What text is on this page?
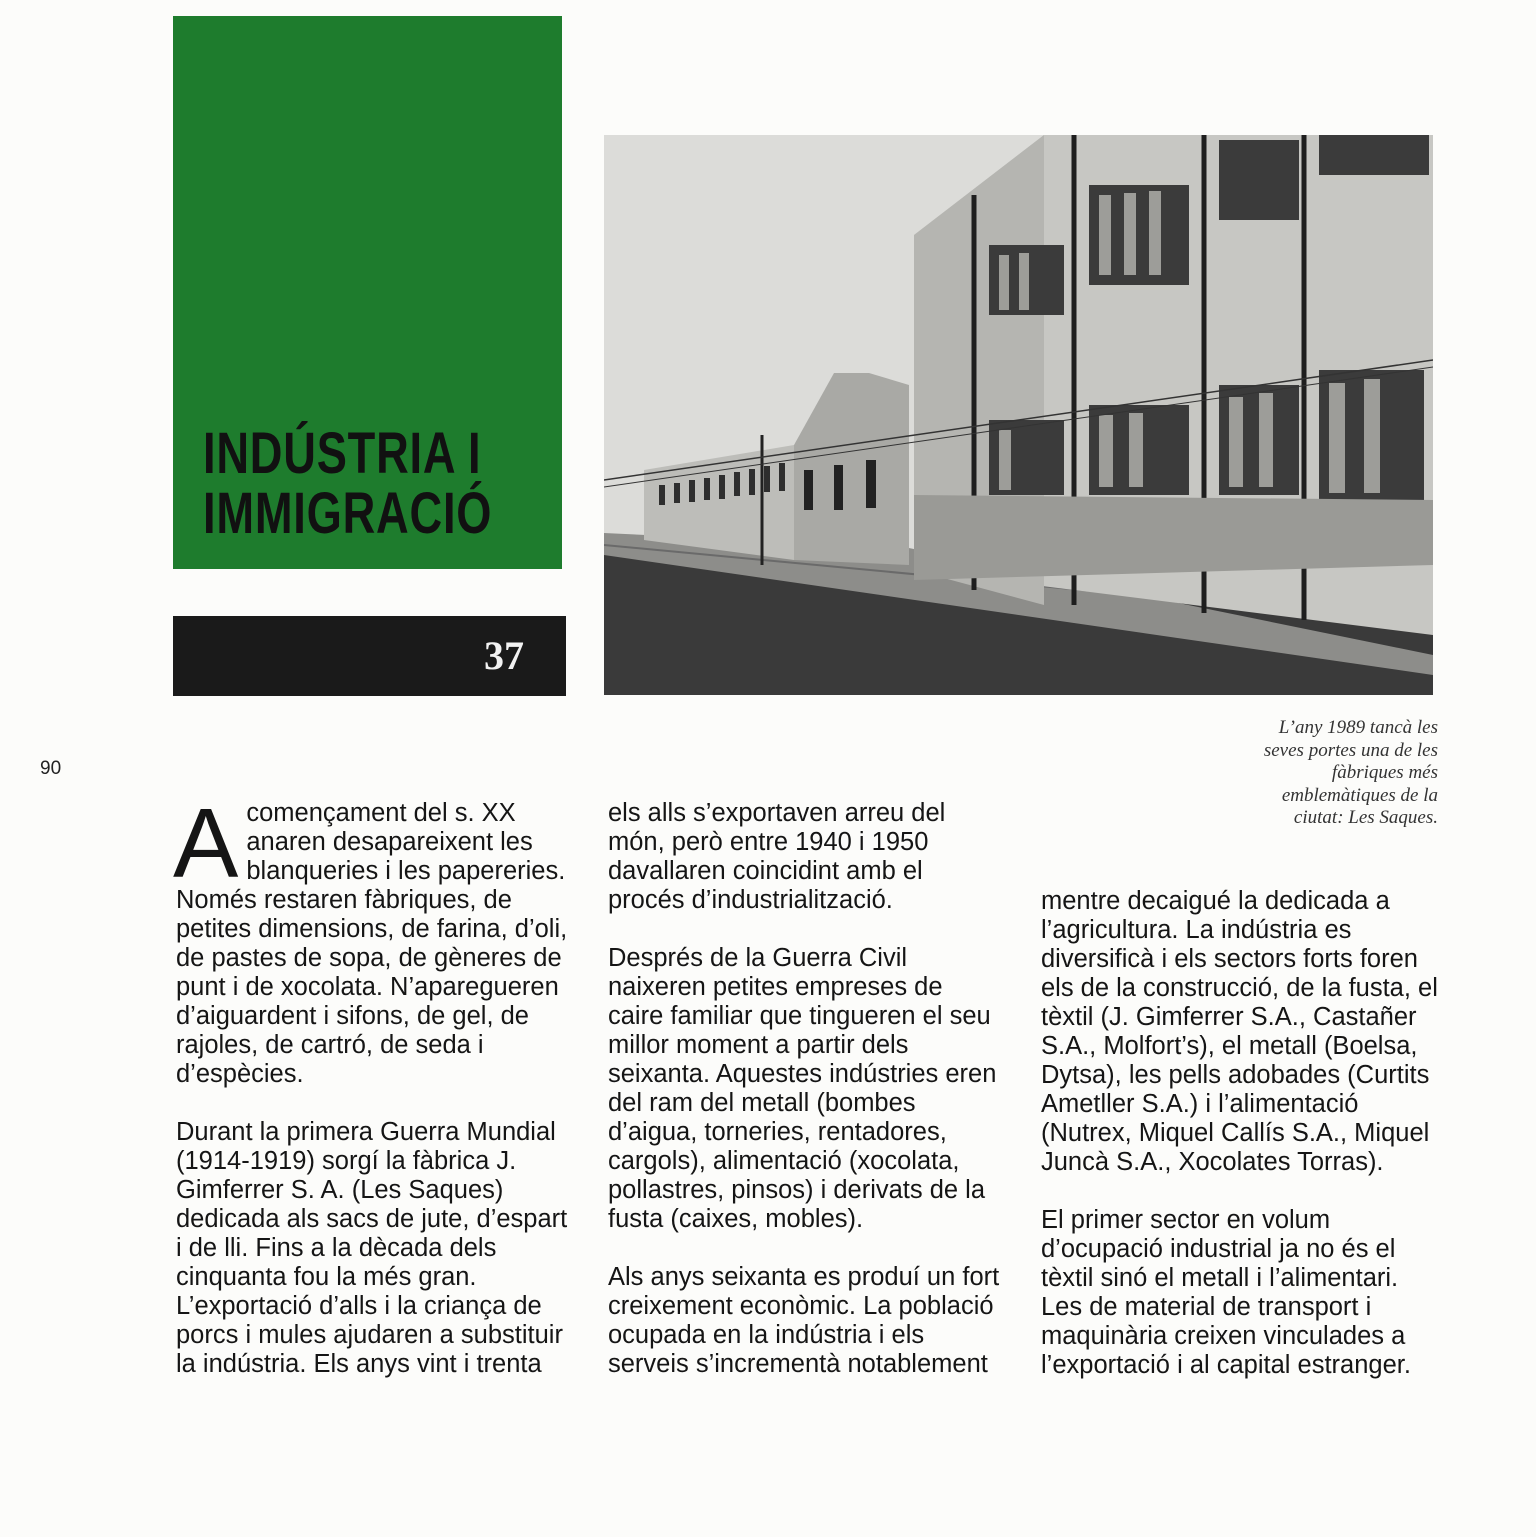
INDÚSTRIA I
IMMIGRACIÓ
37
90
L’any 1989 tancà les
seves portes una de les
fàbriques més
emblemàtiques de la
ciutat: Les Saques.

A començament del s. XX anaren desapareixent les blanqueries i les papereries. Només restaren fàbriques, de petites dimensions, de farina, d’oli, de pastes de sopa, de gèneres de punt i de xocolata. N’aparegueren d’aiguardent i sifons, de gel, de rajoles, de cartró, de seda i d’espècies.

Durant la primera Guerra Mundial (1914-1919) sorgí la fàbrica J. Gimferrer S. A. (Les Saques) dedicada als sacs de jute, d’espart i de lli. Fins a la dècada dels cinquanta fou la més gran. L’exportació d’alls i la criança de porcs i mules ajudaren a substituir la indústria. Els anys vint i trenta

els alls s’exportaven arreu del món, però entre 1940 i 1950 davallaren coincidint amb el procés d’industrialització.

Després de la Guerra Civil naixeren petites empreses de caire familiar que tingueren el seu millor moment a partir dels seixanta. Aquestes indústries eren del ram del metall (bombes d’aigua, torneries, rentadores, cargols), alimentació (xocolata, pollastres, pinsos) i derivats de la fusta (caixes, mobles).

Als anys seixanta es produí un fort creixement econòmic. La població ocupada en la indústria i els serveis s’incrementà notablement

mentre decaigué la dedicada a l’agricultura. La indústria es diversificà i els sectors forts foren els de la construcció, de la fusta, el tèxtil (J. Gimferrer S.A., Castañer S.A., Molfort’s), el metall (Boelsa, Dytsa), les pells adobades (Curtits Ametller S.A.) i l’alimentació (Nutrex, Miquel Callís S.A., Miquel Juncà S.A., Xocolates Torras).

El primer sector en volum d’ocupació industrial ja no és el tèxtil sinó el metall i l’alimentari. Les de material de transport i maquinària creixen vinculades a l’exportació i al capital estranger.
